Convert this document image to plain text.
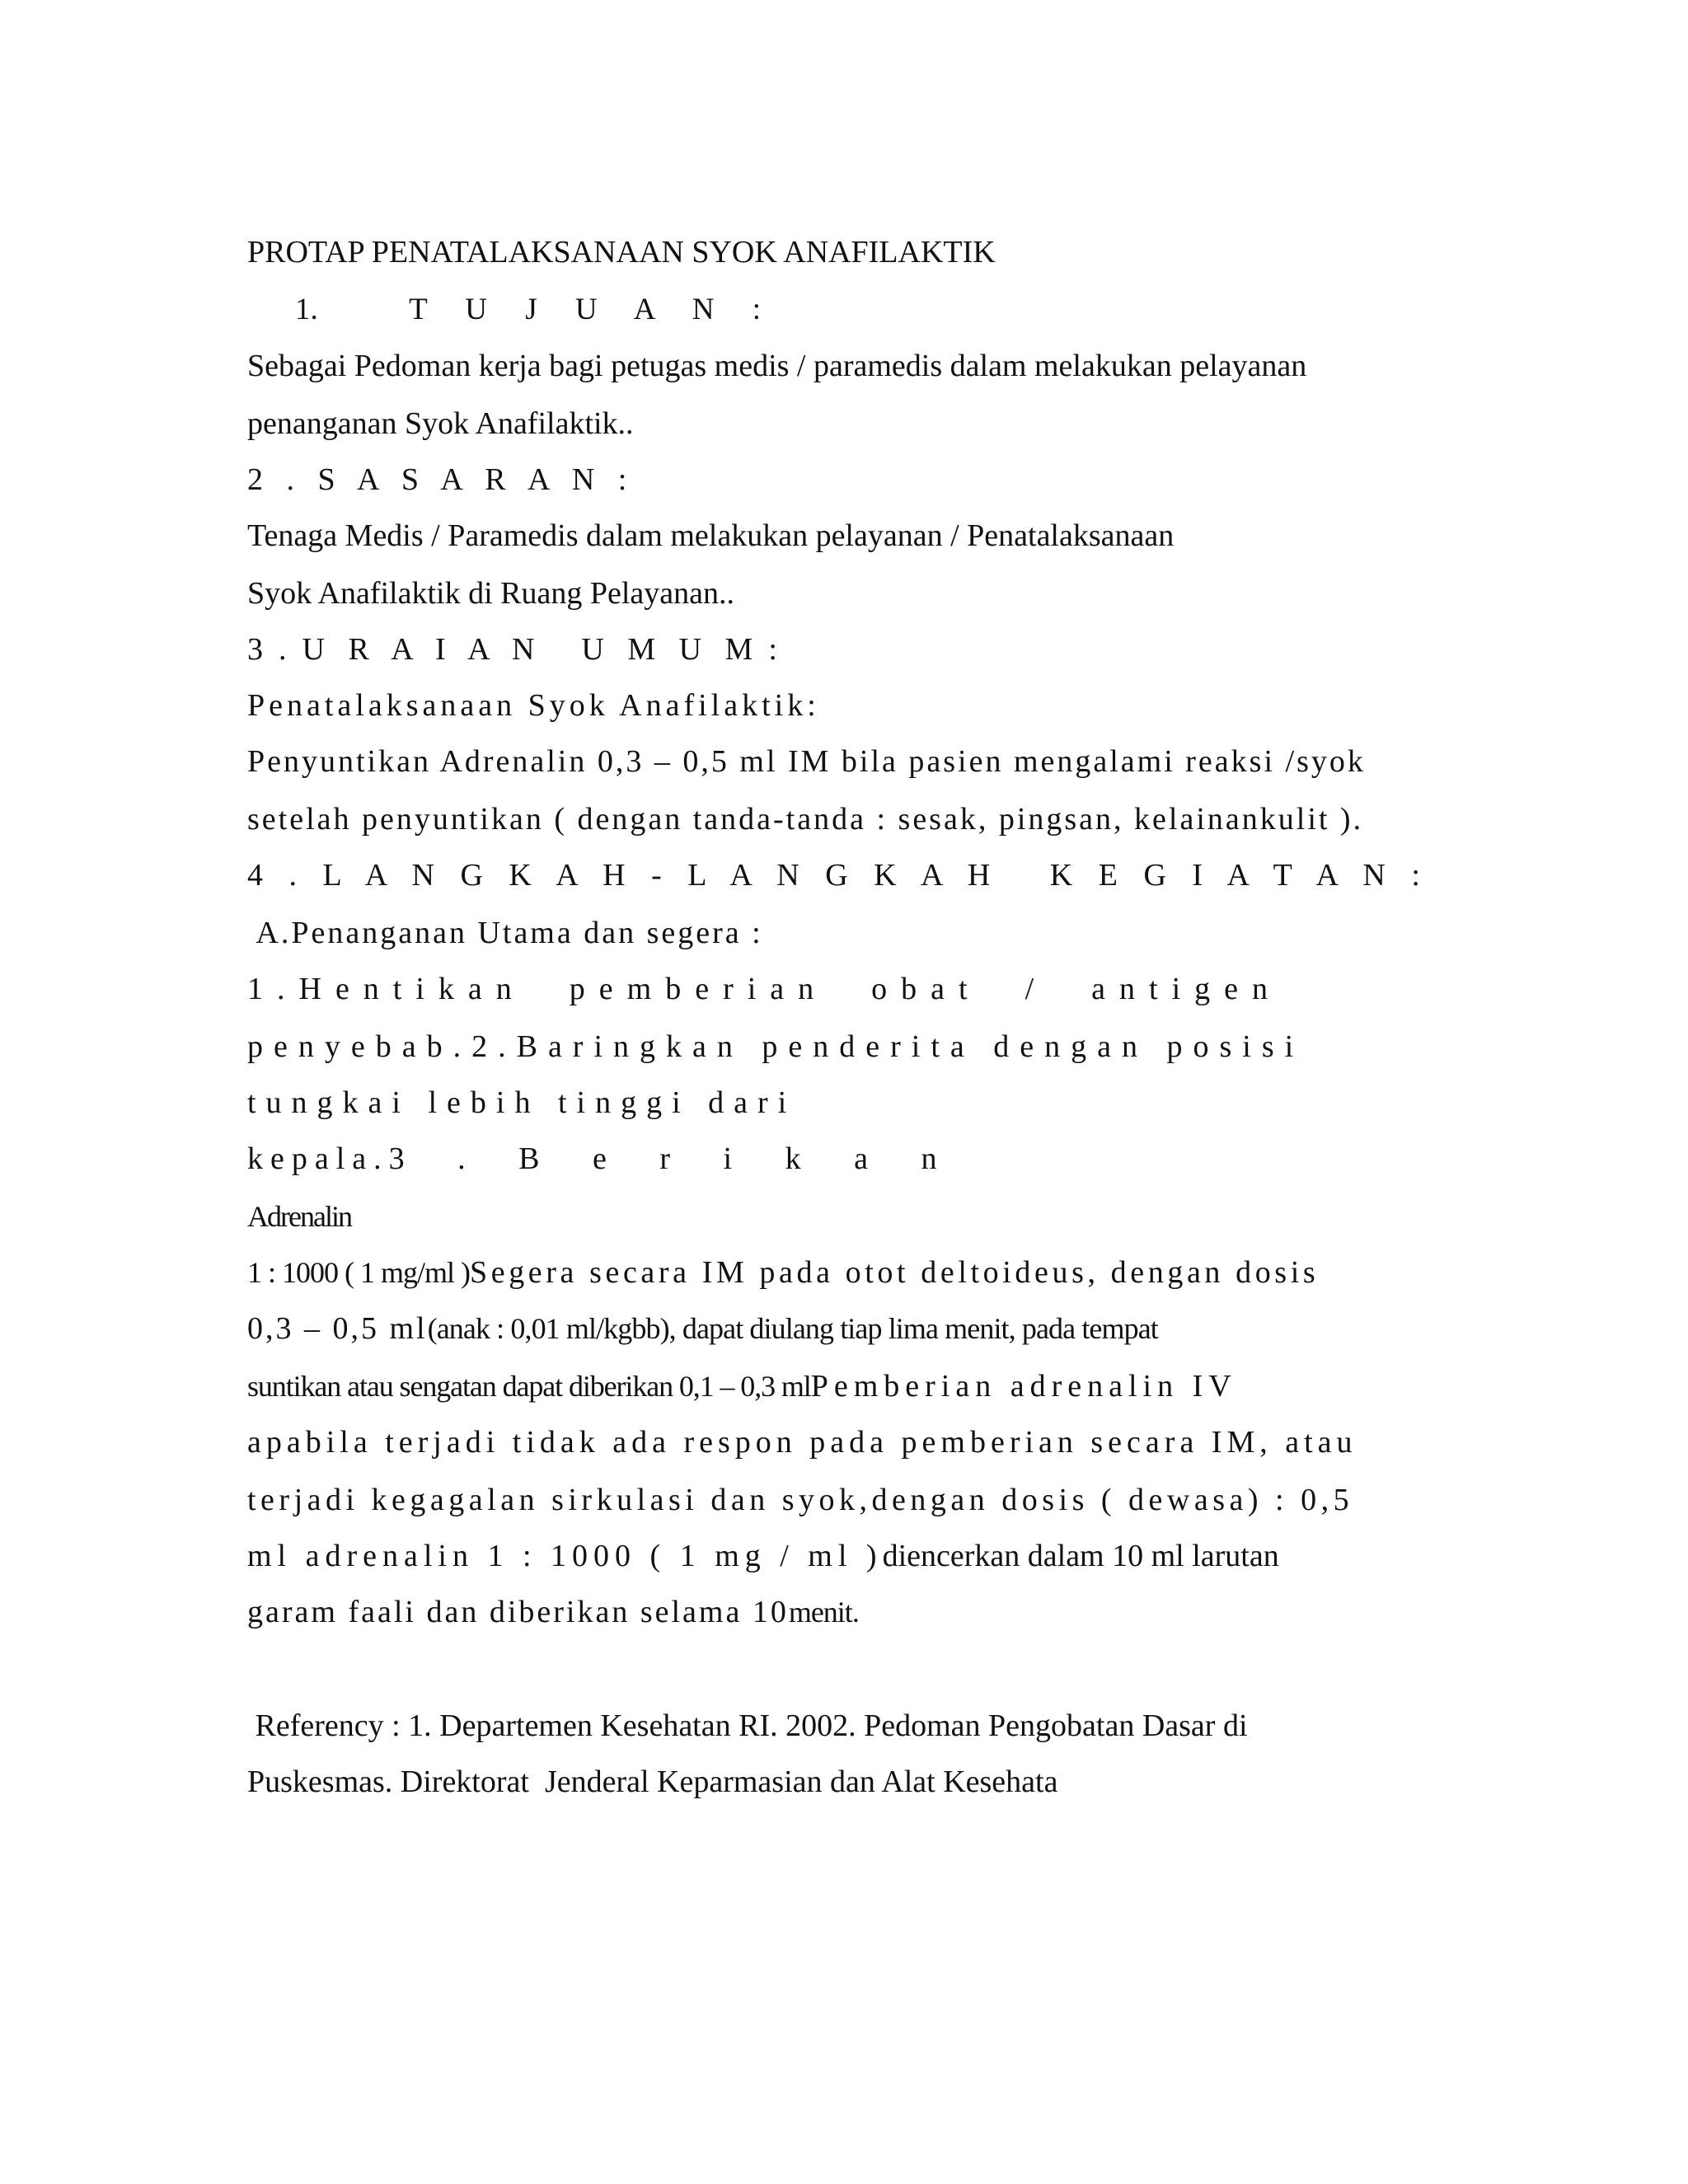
PROTAP PENATALAKSANAAN SYOK ANAFILAKTIK
1.            T     U     J     U     A     N     :
Sebagai Pedoman kerja bagi petugas medis / paramedis dalam melakukan pelayanan
penanganan Syok Anafilaktik..
2   .   S   A   S   A   R   A   N   :
Tenaga Medis / Paramedis dalam melakukan pelayanan / Penatalaksanaan
Syok Anafilaktik di Ruang Pelayanan..
3  .  U   R   A   I   A   N      U   M   U   M  :
Penatalaksanaan Syok Anafilaktik:
Penyuntikan Adrenalin 0,3 – 0,5 ml IM bila pasien mengalami reaksi /syok
setelah penyuntikan ( dengan tanda-tanda : sesak, pingsan, kelainankulit ).
4 . L A N G K A H - L A N G K A H   K E G I A T A N :
A.Penanganan Utama dan segera :
1.Hentikan  pemberian  obat  /  antigen
penyebab.2.Baringkan penderita dengan posisi
tungkai lebih tinggi dari
kepala.3   .   B   e   r   i   k   a   n
Adrenalin
1 : 1000 ( 1 mg/ml )Segera secara IM pada otot deltoideus, dengan dosis
0,3 – 0,5 ml(anak : 0,01 ml/kgbb), dapat diulang tiap lima menit, pada tempat
suntikan atau sengatan dapat diberikan 0,1 – 0,3 mlPemberian adrenalin IV
apabila terjadi tidak ada respon pada pemberian secara IM, atau
terjadi kegagalan sirkulasi dan syok,dengan dosis ( dewasa) : 0,5
ml adrenalin 1 : 1000 ( 1 mg / ml )diencerkan dalam 10 ml larutan
garam faali dan diberikan selama 10menit.
Referency : 1. Departemen Kesehatan RI. 2002. Pedoman Pengobatan Dasar di
Puskesmas. Direktorat  Jenderal Keparmasian dan Alat Kesehata
